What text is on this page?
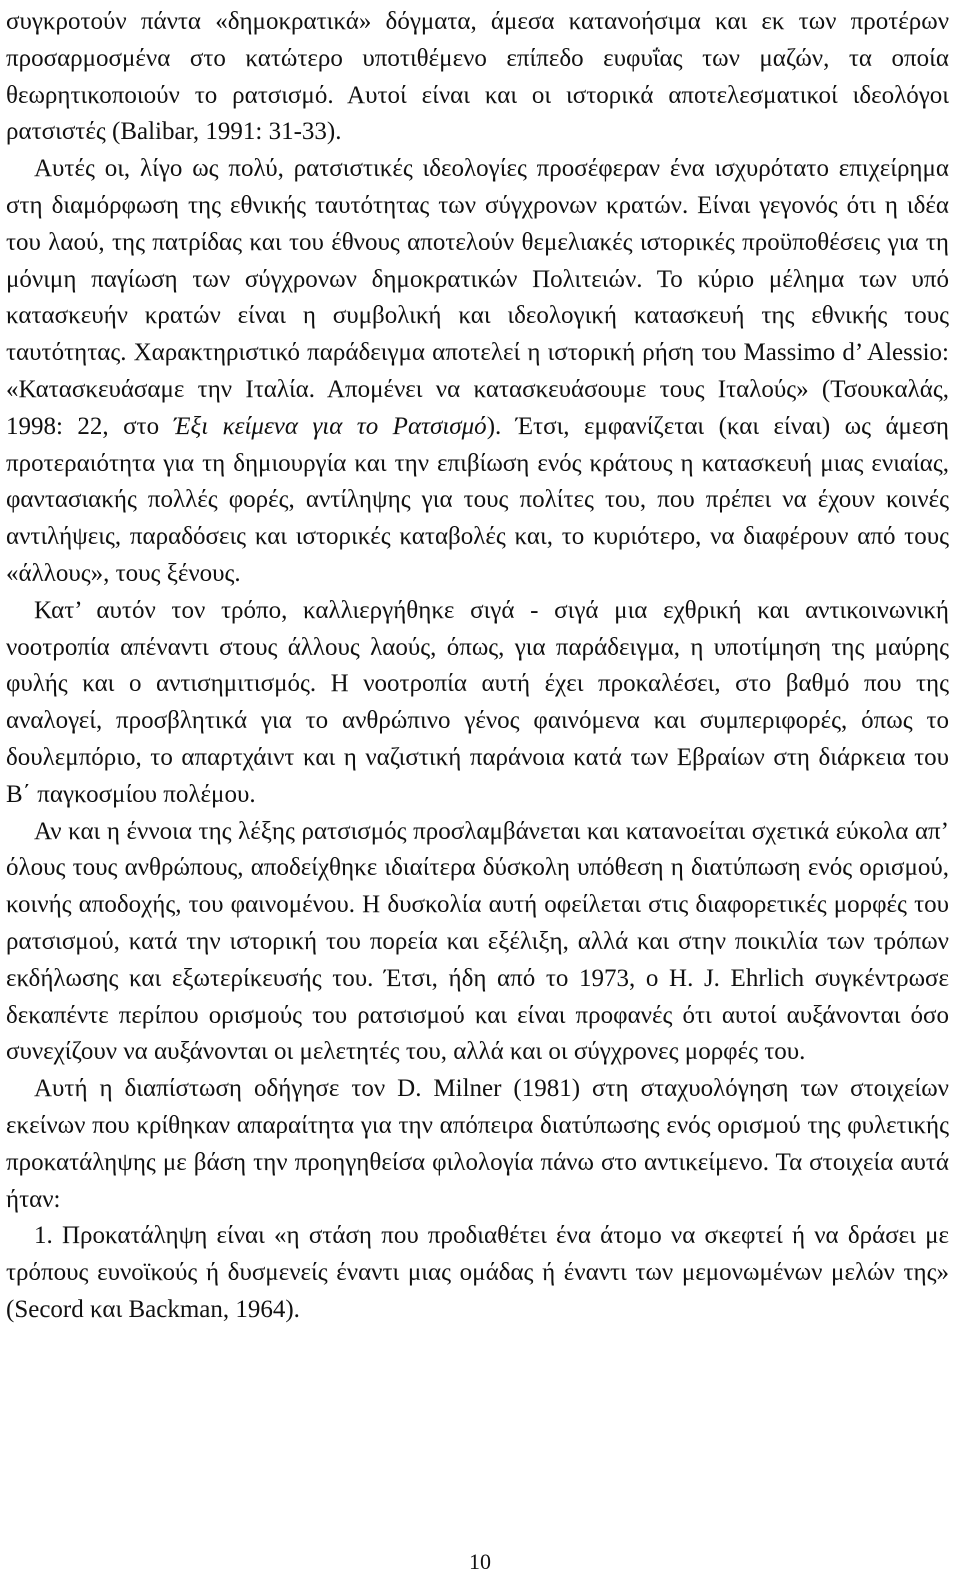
συγκροτούν πάντα «δημοκρατικά» δόγματα, άμεσα κατανοήσιμα και εκ των προτέρων προσαρμοσμένα στο κατώτερο υποτιθέμενο επίπεδο ευφυΐας των μαζών, τα οποία θεωρητικοποιούν το ρατσισμό. Αυτοί είναι και οι ιστορικά αποτελεσματικοί ιδεολόγοι ρατσιστές (Balibar, 1991: 31-33).

Αυτές οι, λίγο ως πολύ, ρατσιστικές ιδεολογίες προσέφεραν ένα ισχυρότατο επιχείρημα στη διαμόρφωση της εθνικής ταυτότητας των σύγχρονων κρατών. Είναι γεγονός ότι η ιδέα του λαού, της πατρίδας και του έθνους αποτελούν θεμελιακές ιστορικές προϋποθέσεις για τη μόνιμη παγίωση των σύγχρονων δημοκρατικών Πολιτειών. Το κύριο μέλημα των υπό κατασκευήν κρατών είναι η συμβολική και ιδεολογική κατασκευή της εθνικής τους ταυτότητας. Χαρακτηριστικό παράδειγμα αποτελεί η ιστορική ρήση του Massimo d’ Alessio: «Κατασκευάσαμε την Ιταλία. Απομένει να κατασκευάσουμε τους Ιταλούς» (Τσουκαλάς, 1998: 22, στο Έξι κείμενα για το Ρατσισμό). Έτσι, εμφανίζεται (και είναι) ως άμεση προτεραιότητα για τη δημιουργία και την επιβίωση ενός κράτους η κατασκευή μιας ενιαίας, φαντασιακής πολλές φορές, αντίληψης για τους πολίτες του, που πρέπει να έχουν κοινές αντιλήψεις, παραδόσεις και ιστορικές καταβολές και, το κυριότερο, να διαφέρουν από τους «άλλους», τους ξένους.

Κατ’ αυτόν τον τρόπο, καλλιεργήθηκε σιγά - σιγά μια εχθρική και αντικοινωνική νοοτροπία απέναντι στους άλλους λαούς, όπως, για παράδειγμα, η υποτίμηση της μαύρης φυλής και ο αντισημιτισμός. Η νοοτροπία αυτή έχει προκαλέσει, στο βαθμό που της αναλογεί, προσβλητικά για το ανθρώπινο γένος φαινόμενα και συμπεριφορές, όπως το δουλεμπόριο, το απαρτχάιντ και η ναζιστική παράνοια κατά των Εβραίων στη διάρκεια του Β΄ παγκοσμίου πολέμου.

Αν και η έννοια της λέξης ρατσισμός προσλαμβάνεται και κατανοείται σχετικά εύκολα απ’ όλους τους ανθρώπους, αποδείχθηκε ιδιαίτερα δύσκολη υπόθεση η διατύπωση ενός ορισμού, κοινής αποδοχής, του φαινομένου. Η δυσκολία αυτή οφείλεται στις διαφορετικές μορφές του ρατσισμού, κατά την ιστορική του πορεία και εξέλιξη, αλλά και στην ποικιλία των τρόπων εκδήλωσης και εξωτερίκευσής του. Έτσι, ήδη από το 1973, ο H. J. Ehrlich συγκέντρωσε δεκαπέντε περίπου ορισμούς του ρατσισμού και είναι προφανές ότι αυτοί αυξάνονται όσο συνεχίζουν να αυξάνονται οι μελετητές του, αλλά και οι σύγχρονες μορφές του.

Αυτή η διαπίστωση οδήγησε τον D. Milner (1981) στη σταχυολόγηση των στοιχείων εκείνων που κρίθηκαν απαραίτητα για την απόπειρα διατύπωσης ενός ορισμού της φυλετικής προκατάληψης με βάση την προηγηθείσα φιλολογία πάνω στο αντικείμενο. Τα στοιχεία αυτά ήταν:

1. Προκατάληψη είναι «η στάση που προδιαθέτει ένα άτομο να σκεφτεί ή να δράσει με τρόπους ευνοϊκούς ή δυσμενείς έναντι μιας ομάδας ή έναντι των μεμονωμένων μελών της» (Secord και Backman, 1964).

10
